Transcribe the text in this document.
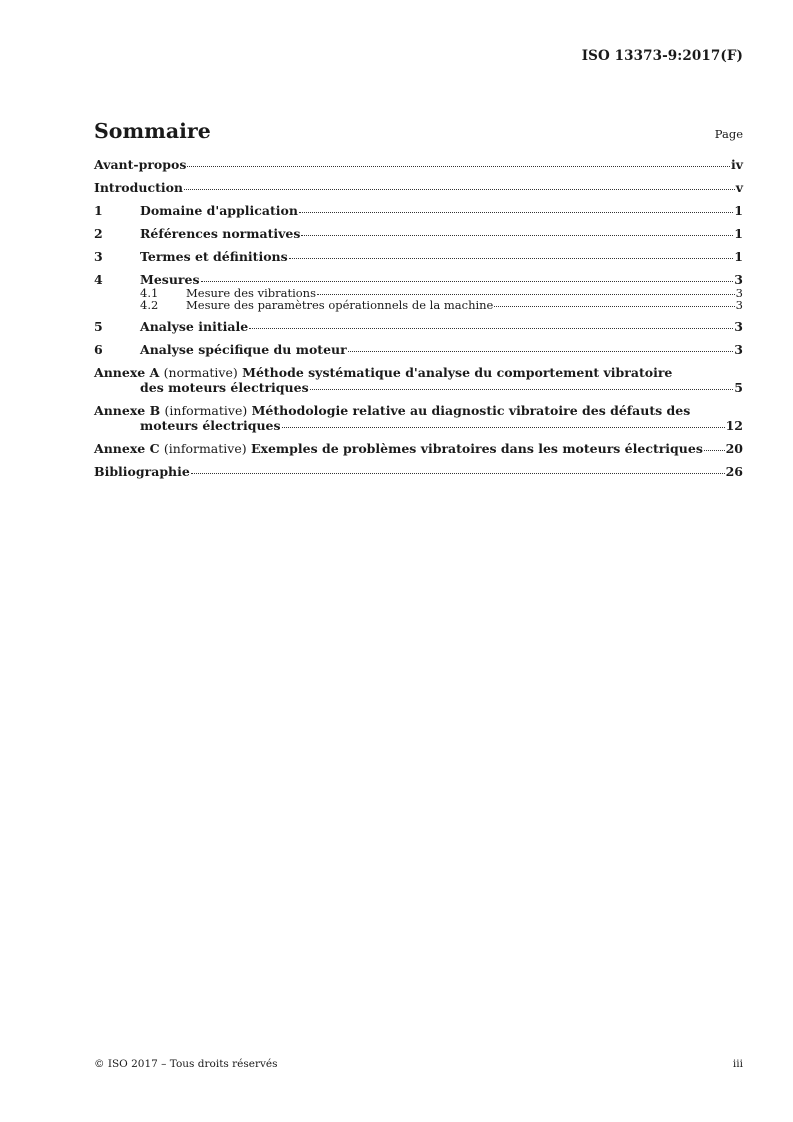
ISO 13373-9:2017(F)
Sommaire	Page
Avant-propos	iv
Introduction	v
1	Domaine d'application	1
2	Références normatives	1
3	Termes et définitions	1
4	Mesures	3
4.1	Mesure des vibrations	3
4.2	Mesure des paramètres opérationnels de la machine	3
5	Analyse initiale	3
6	Analyse spécifique du moteur	3
Annexe A (normative) Méthode systématique d'analyse du comportement vibratoire
des moteurs électriques	5
Annexe B (informative) Méthodologie relative au diagnostic vibratoire des défauts des
moteurs électriques	12
Annexe C (informative) Exemples de problèmes vibratoires dans les moteurs électriques 20
Bibliographie	26
© ISO 2017 – Tous droits réservés	iii
